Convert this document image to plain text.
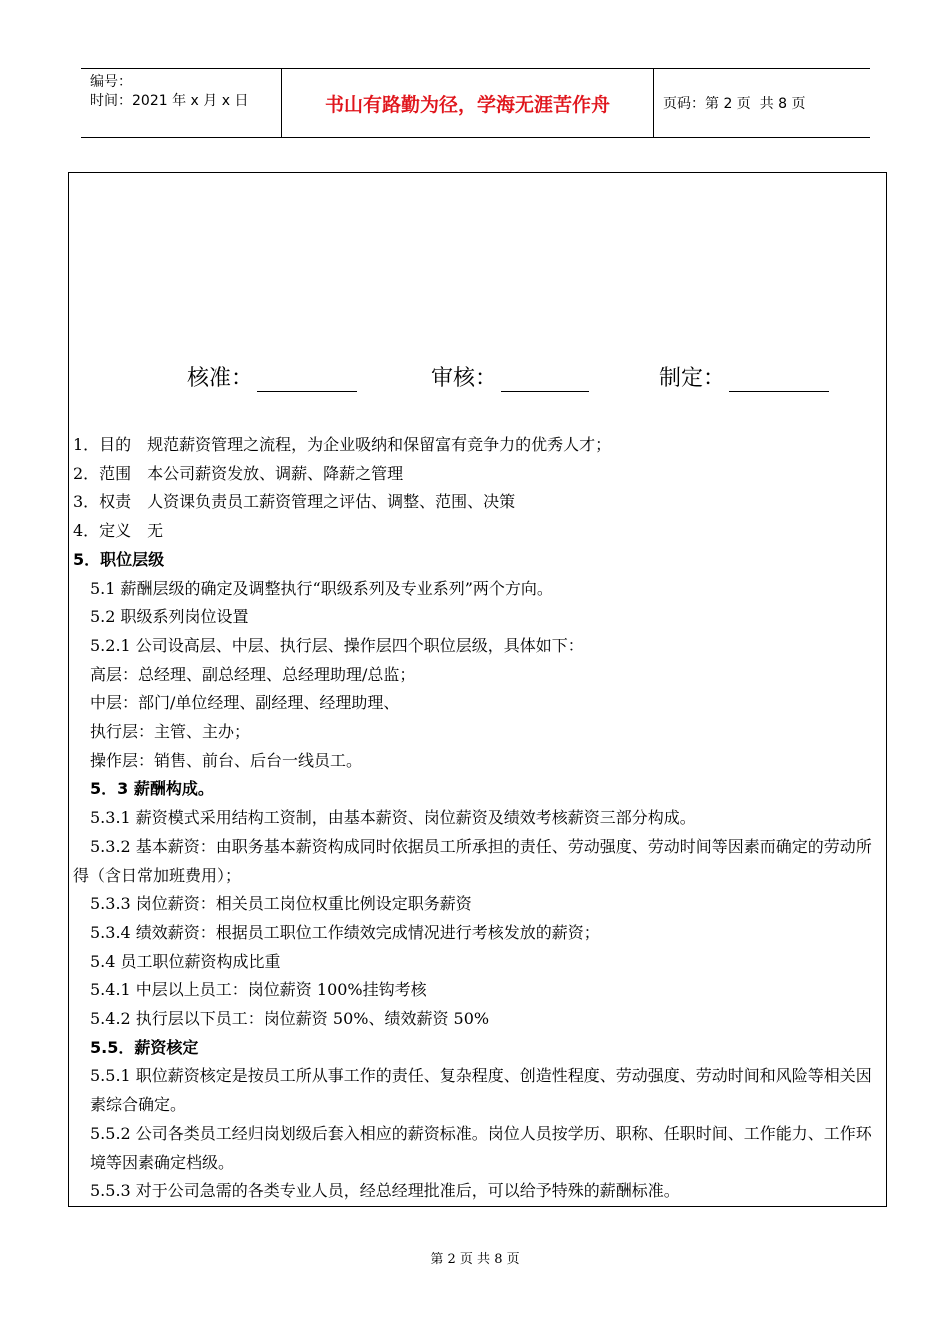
编号：
时间：2021 年 x 月 x 日	书山有路勤为径，学海无涯苦作舟	页码：第 2 页  共 8 页
核准：	审核：	制定：

1．目的　规范薪资管理之流程，为企业吸纳和保留富有竞争力的优秀人才；

2．范围　本公司薪资发放、调薪、降薪之管理

3．权责　人资课负责员工薪资管理之评估、调整、范围、决策

4．定义　无

5．职位层级

5.1 薪酬层级的确定及调整执行“职级系列及专业系列”两个方向。

5.2 职级系列岗位设置

5.2.1 公司设高层、中层、执行层、操作层四个职位层级，具体如下：

高层：总经理、副总经理、总经理助理/总监；

中层：部门/单位经理、副经理、经理助理、

执行层：主管、主办；

操作层：销售、前台、后台一线员工。

5．3 薪酬构成。

5.3.1 薪资模式采用结构工资制，由基本薪资、岗位薪资及绩效考核薪资三部分构成。

5.3.2 基本薪资：由职务基本薪资构成同时依据员工所承担的责任、劳动强度、劳动时间等因素而确定的劳动所得（含日常加班费用）；

5.3.3 岗位薪资：相关员工岗位权重比例设定职务薪资

5.3.4 绩效薪资：根据员工职位工作绩效完成情况进行考核发放的薪资；

5.4 员工职位薪资构成比重

5.4.1 中层以上员工：岗位薪资 100%挂钩考核

5.4.2 执行层以下员工：岗位薪资 50%、绩效薪资 50%

5.5．薪资核定

5.5.1 职位薪资核定是按员工所从事工作的责任、复杂程度、创造性程度、劳动强度、劳动时间和风险等相关因素综合确定。

5.5.2 公司各类员工经归岗划级后套入相应的薪资标准。岗位人员按学历、职称、任职时间、工作能力、工作环境等因素确定档级。

5.5.3 对于公司急需的各类专业人员，经总经理批准后，可以给予特殊的薪酬标准。

第 2 页 共 8 页
